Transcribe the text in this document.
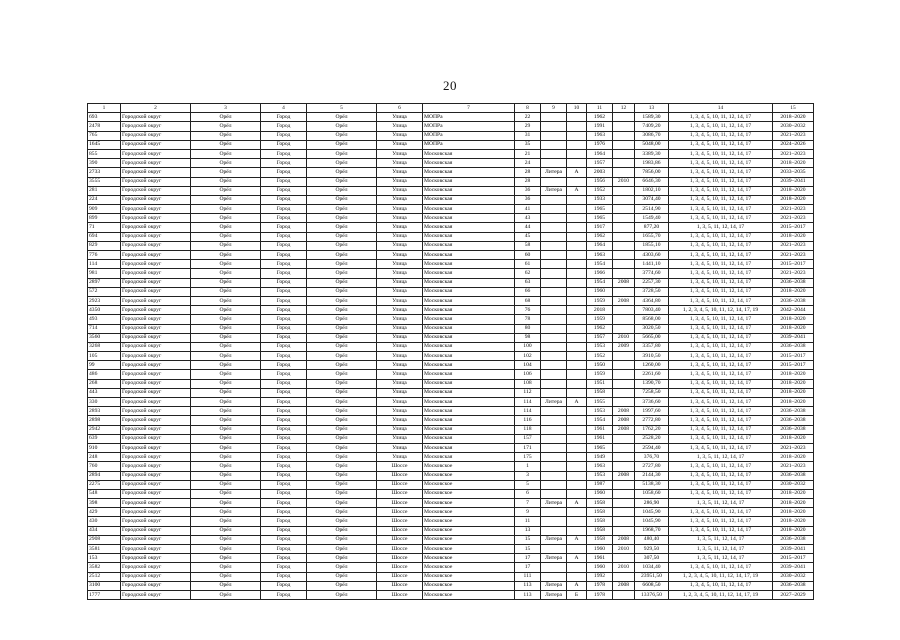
20
1	2	3	4	5	6	7	8	9	10	11	12	13	14	15
693	Городской округ	Орёл	Город	Орёл	Улица	МОПРа	22			1962		1589,30	1, 3, 4, 5, 10, 11, 12, 14, 17	2018–2020
2478	Городской округ	Орёл	Город	Орёл	Улица	МОПРа	29			1991		7409,20	1, 3, 4, 5, 10, 11, 12, 14, 17	2030–2032
765	Городской округ	Орёл	Город	Орёл	Улица	МОПРа	31			1963		3086,70	1, 3, 4, 5, 10, 11, 12, 14, 17	2021–2023
1645	Городской округ	Орёл	Город	Орёл	Улица	МОПРа	35			1976		5048,00	1, 3, 4, 5, 10, 11, 12, 14, 17	2024–2026
855	Городской округ	Орёл	Город	Орёл	Улица	Московская	21			1964		3389,30	1, 3, 4, 5, 10, 11, 12, 14, 17	2021–2023
390	Городской округ	Орёл	Город	Орёл	Улица	Московская	24			1957		1983,86	1, 3, 4, 5, 10, 11, 12, 14, 17	2018–2020
2733	Городской округ	Орёл	Город	Орёл	Улица	Московская	28	Литера	А	2003		7856,00	1, 3, 4, 5, 10, 11, 12, 14, 17	2033–2035
3555	Городской округ	Орёл	Город	Орёл	Улица	Московская	28			1956	2010	6646,30	1, 3, 4, 5, 10, 11, 12, 14, 17	2039–2041
281	Городской округ	Орёл	Город	Орёл	Улица	Московская	36	Литера	А	1952		1802,10	1, 3, 4, 5, 10, 11, 12, 14, 17	2018–2020
224	Городской округ	Орёл	Город	Орёл	Улица	Московская	36			1933		3074,40	1, 3, 4, 5, 10, 11, 12, 14, 17	2018–2020
909	Городской округ	Орёл	Город	Орёл	Улица	Московская	41			1965		2514,90	1, 3, 4, 5, 10, 11, 12, 14, 17	2021–2023
899	Городской округ	Орёл	Город	Орёл	Улица	Московская	43			1965		1549,40	1, 3, 4, 5, 10, 11, 12, 14, 17	2021–2023
71	Городской округ	Орёл	Город	Орёл	Улица	Московская	44			1917		877,20	1, 3, 5, 11, 12, 14, 17	2015–2017
694	Городской округ	Орёл	Город	Орёл	Улица	Московская	45			1962		1655,70	1, 3, 4, 5, 10, 11, 12, 14, 17	2018–2020
829	Городской округ	Орёл	Город	Орёл	Улица	Московская	58			1964		1855,10	1, 3, 4, 5, 10, 11, 12, 14, 17	2021–2023
776	Городской округ	Орёл	Город	Орёл	Улица	Московская	60			1963		4303,60	1, 3, 4, 5, 10, 11, 12, 14, 17	2021–2023
114	Городской округ	Орёл	Город	Орёл	Улица	Московская	61			1954		1441,10	1, 3, 4, 5, 10, 11, 12, 14, 17	2015–2017
981	Городской округ	Орёл	Город	Орёл	Улица	Московская	62			1966		3774,60	1, 3, 4, 5, 10, 11, 12, 14, 17	2021–2023
2897	Городской округ	Орёл	Город	Орёл	Улица	Московская	63			1954	2008	2257,30	1, 3, 4, 5, 10, 11, 12, 14, 17	2036–2038
572	Городской округ	Орёл	Город	Орёл	Улица	Московская	66			1960		3728,50	1, 3, 4, 5, 10, 11, 12, 14, 17	2018–2020
2923	Городской округ	Орёл	Город	Орёл	Улица	Московская	68			1959	2008	4364,80	1, 3, 4, 5, 10, 11, 12, 14, 17	2036–2038
4350	Городской округ	Орёл	Город	Орёл	Улица	Московская	76			2018		7803,40	1, 2, 3, 4, 5, 10, 11, 12, 14, 17, 19	2042–2044
493	Городской округ	Орёл	Город	Орёл	Улица	Московская	78			1959		8568,00	1, 3, 4, 5, 10, 11, 12, 14, 17	2018–2020
714	Городской округ	Орёл	Город	Орёл	Улица	Московская	80			1962		3020,50	1, 3, 4, 5, 10, 11, 12, 14, 17	2018–2020
3560	Городской округ	Орёл	Город	Орёл	Улица	Московская	98			1957	2010	5665,00	1, 3, 4, 5, 10, 11, 12, 14, 17	2039–2041
3268	Городской округ	Орёл	Город	Орёл	Улица	Московская	100			1953	2009	3357,80	1, 3, 4, 5, 10, 11, 12, 14, 17	2036–2038
105	Городской округ	Орёл	Город	Орёл	Улица	Московская	102			1952		3910,50	1, 3, 4, 5, 10, 11, 12, 14, 17	2015–2017
99	Городской округ	Орёл	Город	Орёл	Улица	Московская	104			1950		1260,00	1, 3, 4, 5, 10, 11, 12, 14, 17	2015–2017
486	Городской округ	Орёл	Город	Орёл	Улица	Московская	106			1959		2261,60	1, 3, 4, 5, 10, 11, 12, 14, 17	2018–2020
268	Городской округ	Орёл	Город	Орёл	Улица	Московская	108			1951		1390,70	1, 3, 4, 5, 10, 11, 12, 14, 17	2018–2020
443	Городской округ	Орёл	Город	Орёл	Улица	Московская	112			1958		7258,50	1, 3, 4, 5, 10, 11, 12, 14, 17	2018–2020
330	Городской округ	Орёл	Город	Орёл	Улица	Московская	114	Литера	А	1955		3736,60	1, 3, 4, 5, 10, 11, 12, 14, 17	2018–2020
2893	Городской округ	Орёл	Город	Орёл	Улица	Московская	114			1953	2008	1997,60	1, 3, 4, 5, 10, 11, 12, 14, 17	2036–2038
2898	Городской округ	Орёл	Город	Орёл	Улица	Московская	116			1954	2008	2772,80	1, 3, 4, 5, 10, 11, 12, 14, 17	2036–2038
2942	Городской округ	Орёл	Город	Орёл	Улица	Московская	118			1961	2008	1762,20	1, 3, 4, 5, 10, 11, 12, 14, 17	2036–2038
639	Городской округ	Орёл	Город	Орёл	Улица	Московская	157			1961		2528,20	1, 3, 4, 5, 10, 11, 12, 14, 17	2018–2020
910	Городской округ	Орёл	Город	Орёл	Улица	Московская	171			1965		2594,40	1, 3, 4, 5, 10, 11, 12, 14, 17	2021–2023
248	Городской округ	Орёл	Город	Орёл	Улица	Московская	175			1949		376,70	1, 3, 5, 11, 12, 14, 17	2018–2020
760	Городской округ	Орёл	Город	Орёл	Шоссе	Московское	1			1963		2727,80	1, 3, 4, 5, 10, 11, 12, 14, 17	2021–2023
2894	Городской округ	Орёл	Город	Орёл	Шоссе	Московское	3			1953	2008	2144,30	1, 3, 4, 5, 10, 11, 12, 14, 17	2036–2038
2275	Городской округ	Орёл	Город	Орёл	Шоссе	Московское	5			1987		5138,30	1, 3, 4, 5, 10, 11, 12, 14, 17	2030–2032
548	Городской округ	Орёл	Город	Орёл	Шоссе	Московское	6			1960		1058,60	1, 3, 4, 5, 10, 11, 12, 14, 17	2018–2020
398	Городской округ	Орёл	Город	Орёл	Шоссе	Московское	7	Литера	А	1958		286,90	1, 3, 5, 11, 12, 14, 17	2018–2020
429	Городской округ	Орёл	Город	Орёл	Шоссе	Московское	9			1958		1045,90	1, 3, 4, 5, 10, 11, 12, 14, 17	2018–2020
430	Городской округ	Орёл	Город	Орёл	Шоссе	Московское	11			1958		1045,90	1, 3, 4, 5, 10, 11, 12, 14, 17	2018–2020
434	Городской округ	Орёл	Город	Орёл	Шоссе	Московское	13			1958		1968,70	1, 3, 4, 5, 10, 11, 12, 14, 17	2018–2020
2908	Городской округ	Орёл	Город	Орёл	Шоссе	Московское	15	Литера	А	1958	2008	480,40	1, 3, 5, 11, 12, 14, 17	2036–2038
3581	Городской округ	Орёл	Город	Орёл	Шоссе	Московское	15			1960	2010	929,50	1, 3, 5, 11, 12, 14, 17	2039–2041
153	Городской округ	Орёл	Город	Орёл	Шоссе	Московское	17	Литера	А	1961		307,50	1, 3, 5, 11, 12, 14, 17	2015–2017
3582	Городской округ	Орёл	Город	Орёл	Шоссе	Московское	17			1960	2010	1034,40	1, 3, 4, 5, 10, 11, 12, 14, 17	2039–2041
2512	Городской округ	Орёл	Город	Орёл	Шоссе	Московское	111			1992		23951,50	1, 2, 3, 4, 5, 10, 11, 12, 14, 17, 19	2030–2032
3100	Городской округ	Орёл	Город	Орёл	Шоссе	Московское	113	Литера	А	1978	2008	6608,50	1, 3, 4, 5, 10, 11, 12, 14, 17	2036–2038
1777	Городской округ	Орёл	Город	Орёл	Шоссе	Московское	113	Литера	Б	1978		13376,50	1, 2, 3, 4, 5, 10, 11, 12, 14, 17, 19	2027–2029
